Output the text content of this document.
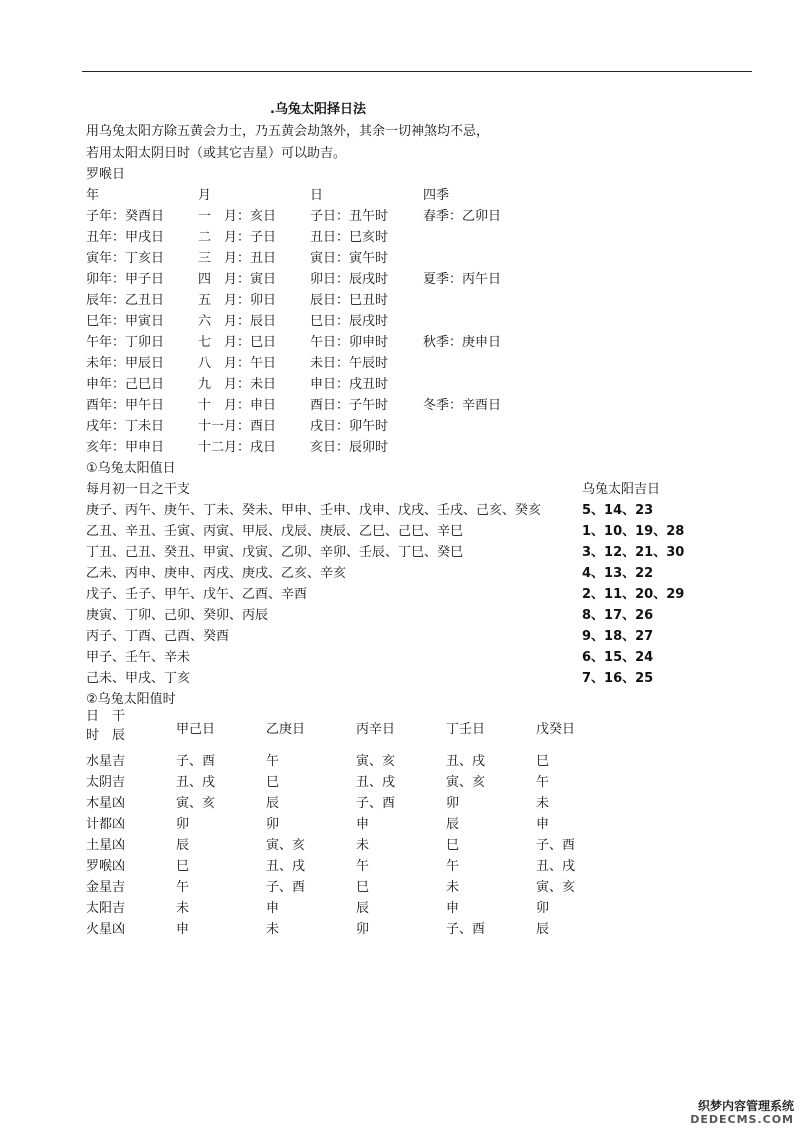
.乌兔太阳择日法
用乌兔太阳方除五黄会力士，乃五黄会劫煞外，其余一切神煞均不忌，
若用太阳太阴日时（或其它吉星）可以助吉。
罗喉日
年	月	日	四季
子年：癸酉日	一　月：亥日	子日：丑午时	春季：乙卯日
丑年：甲戌日	二　月：子日	丑日：巳亥时
寅年：丁亥日	三　月：丑日	寅日：寅午时
卯年：甲子日	四　月：寅日	卯日：辰戌时	夏季：丙午日
辰年：乙丑日	五　月：卯日	辰日：巳丑时
巳年：甲寅日	六　月：辰日	巳日：辰戌时
午年：丁卯日	七　月：巳日	午日：卯申时	秋季：庚申日
未年：甲辰日	八　月：午日	未日：午辰时
申年：己巳日	九　月：未日	申日：戌丑时
酉年：甲午日	十　月：申日	酉日：子午时	冬季：辛酉日
戌年：丁未日	十一月：酉日	戌日：卯午时
亥年：甲申日	十二月：戌日	亥日：辰卯时
①乌兔太阳值日
每月初一日之干支	乌兔太阳吉日
庚子、丙午、庚午、丁未、癸未、甲申、壬申、戊申、戊戌、壬戌、己亥、癸亥	5、14、23
乙丑、辛丑、壬寅、丙寅、甲辰、戊辰、庚辰、乙巳、己巳、辛巳	1、10、19、28
丁丑、己丑、癸丑、甲寅、戊寅、乙卯、辛卯、壬辰、丁巳、癸巳	3、12、21、30
乙未、丙申、庚申、丙戌、庚戌、乙亥、辛亥	4、13、22
戊子、壬子、甲午、戊午、乙酉、辛酉	2、11、20、29
庚寅、丁卯、己卯、癸卯、丙辰	8、17、26
丙子、丁酉、己酉、癸酉	9、18、27
甲子、壬午、辛未	6、15、24
己未、甲戌、丁亥	7、16、25
②乌兔太阳值时
日　干
时　辰	甲己日	乙庚日	丙辛日	丁壬日	戊癸日
水星吉	子、酉	午	寅、亥	丑、戌	巳
太阴吉	丑、戌	巳	丑、戌	寅、亥	午
木星凶	寅、亥	辰	子、酉	卯	未
计都凶	卯	卯	申	辰	申
土星凶	辰	寅、亥	未	巳	子、酉
罗喉凶	巳	丑、戌	午	午	丑、戌
金星吉	午	子、酉	巳	未	寅、亥
太阳吉	未	申	辰	申	卯
火星凶	申	未	卯	子、酉	辰
织梦内容管理系统
DEDECMS.COM
